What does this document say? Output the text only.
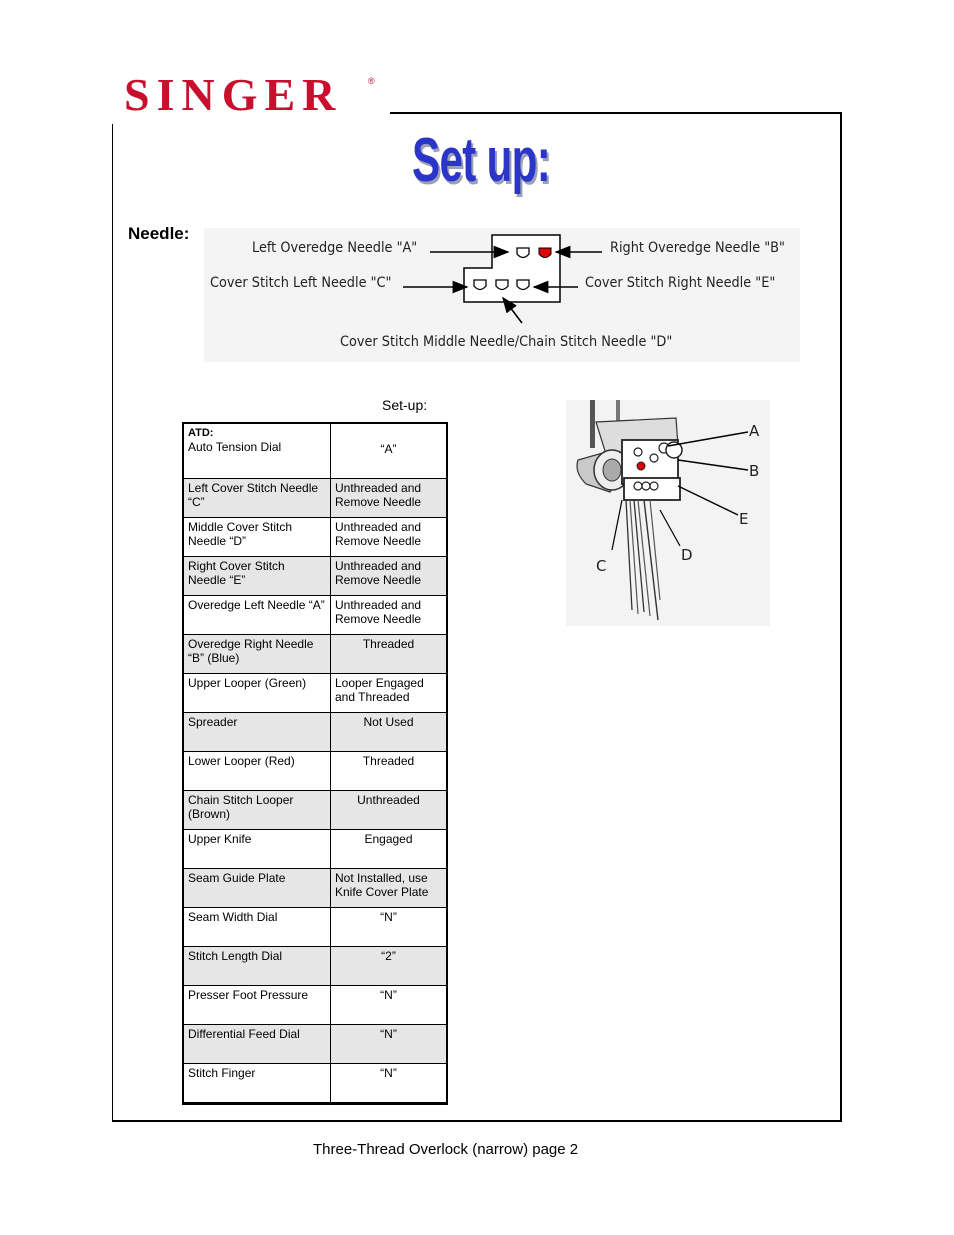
SINGER	®
Set up:
Needle:
Left Overedge Needle "A"	Right Overedge Needle "B"
Cover Stitch Left Needle "C"	Cover Stitch Right Needle "E"
Cover Stitch Middle Needle/Chain Stitch Needle "D"
Set-up:
ATD:
Auto Tension Dial	“A”

Left Cover Stitch Needle “C”	Unthreaded and Remove Needle

Middle Cover Stitch Needle “D”	Unthreaded and Remove Needle

Right Cover Stitch Needle “E”	Unthreaded and Remove Needle

Overedge Left Needle “A”	Unthreaded and Remove Needle

Overedge Right Needle “B” (Blue)	Threaded

Upper Looper (Green)	Looper Engaged and Threaded

Spreader	Not Used

Lower Looper (Red)	Threaded

Chain Stitch Looper (Brown)	Unthreaded

Upper Knife	Engaged

Seam Guide Plate	Not Installed, use Knife Cover Plate

Seam Width Dial	“N”

Stitch Length Dial	“2”

Presser Foot Pressure	“N”

Differential Feed Dial	“N”

Stitch Finger	“N”
A
B
E
D
C
Three-Thread Overlock (narrow) page 2
